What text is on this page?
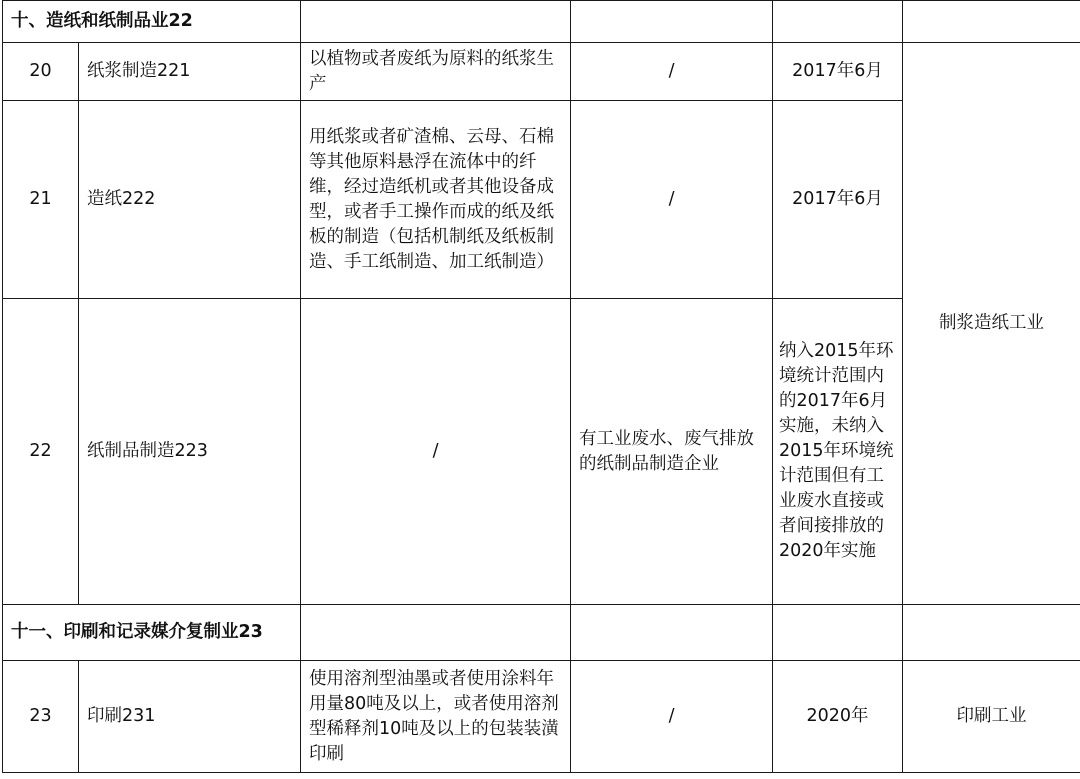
十、造纸和纸制品业22					
20	纸浆制造221	以植物或者废纸为原料的纸浆生产	/	2017年6月	制浆造纸工业
21	造纸222	用纸浆或者矿渣棉、云母、石棉等其他原料悬浮在流体中的纤维，经过造纸机或者其他设备成型，或者手工操作而成的纸及纸板的制造（包括机制纸及纸板制造、手工纸制造、加工纸制造）	/	2017年6月	
22	纸制品制造223	/	有工业废水、废气排放的纸制品制造企业	纳入2015年环境统计范围内的2017年6月实施，未纳入2015年环境统计范围但有工业废水直接或者间接排放的2020年实施	
十一、印刷和记录媒介复制业23					
23	印刷231	使用溶剂型油墨或者使用涂料年用量80吨及以上，或者使用溶剂型稀释剂10吨及以上的包装装潢印刷	/	2020年	印刷工业
